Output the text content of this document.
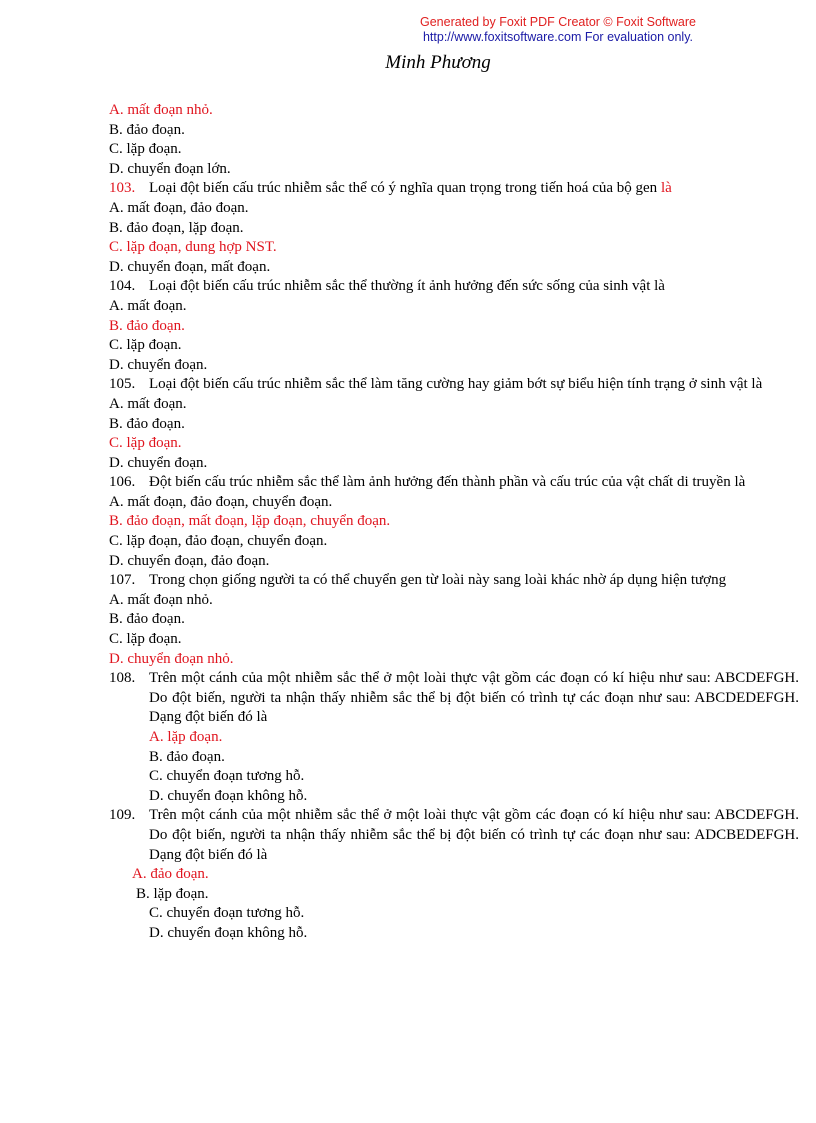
Generated by Foxit PDF Creator © Foxit Software
http://www.foxitsoftware.com For evaluation only.
Minh Phương
A. mất đoạn nhỏ.
B. đảo đoạn.
C. lặp đoạn.
D. chuyển đoạn lớn.
103. Loại đột biến cấu trúc nhiễm sắc thể có ý nghĩa quan trọng trong tiến hoá của bộ gen là
A. mất đoạn, đảo đoạn.
B. đảo đoạn, lặp đoạn.
C. lặp đoạn, dung hợp NST.
D. chuyển đoạn, mất đoạn.
104. Loại đột biến cấu trúc nhiễm sắc thể thường ít ảnh hưởng đến sức sống của sinh vật là
A. mất đoạn.
B. đảo đoạn.
C. lặp đoạn.
D. chuyển đoạn.
105. Loại đột biến cấu trúc nhiễm sắc thể làm tăng cường hay giảm bớt sự biểu hiện tính trạng ở sinh vật là
A. mất đoạn.
B. đảo đoạn.
C. lặp đoạn.
D. chuyển đoạn.
106. Đột biến cấu trúc nhiễm sắc thể làm ảnh hưởng đến thành phần và cấu trúc của vật chất di truyền là
A. mất đoạn, đảo đoạn, chuyển đoạn.
B. đảo đoạn, mất đoạn, lặp đoạn, chuyển đoạn.
C. lặp đoạn, đảo đoạn, chuyển đoạn.
D. chuyển đoạn, đảo đoạn.
107. Trong chọn giống người ta có thể chuyển gen từ loài này sang loài khác nhờ áp dụng hiện tượng
A. mất đoạn nhỏ.
B. đảo đoạn.
C. lặp đoạn.
D. chuyển đoạn nhỏ.
108. Trên một cánh của một nhiễm sắc thể ở một loài thực vật gồm các đoạn có kí hiệu như sau: ABCDEFGH. Do đột biến, người ta nhận thấy nhiễm sắc thể bị đột biến có trình tự các đoạn như sau: ABCDEDEFGH. Dạng đột biến đó là
A. lặp đoạn.
B. đảo đoạn.
C. chuyển đoạn tương hỗ.
D. chuyển đoạn không hỗ.
109. Trên một cánh của một nhiễm sắc thể ở một loài thực vật gồm các đoạn có kí hiệu như sau: ABCDEFGH. Do đột biến, người ta nhận thấy nhiễm sắc thể bị đột biến có trình tự các đoạn như sau: ADCBEDEFGH. Dạng đột biến đó là
A. đảo đoạn.
B. lặp đoạn.
C. chuyển đoạn tương hỗ.
D. chuyển đoạn không hỗ.
